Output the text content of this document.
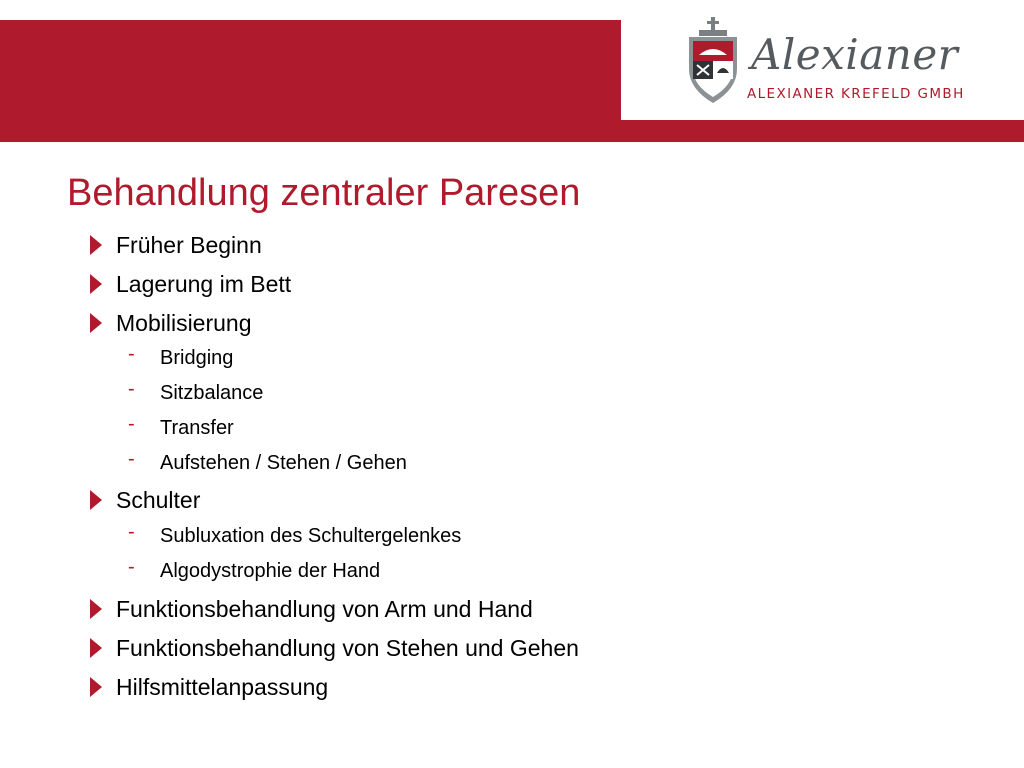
Alexianer
ALEXIANER KREFELD GMBH
Behandlung zentraler Paresen
Früher Beginn
Lagerung im Bett
Mobilisierung
- Bridging
- Sitzbalance
- Transfer
- Aufstehen / Stehen / Gehen
Schulter
- Subluxation des Schultergelenkes
- Algodystrophie der Hand
Funktionsbehandlung von Arm und Hand
Funktionsbehandlung von Stehen und Gehen
Hilfsmittelanpassung
